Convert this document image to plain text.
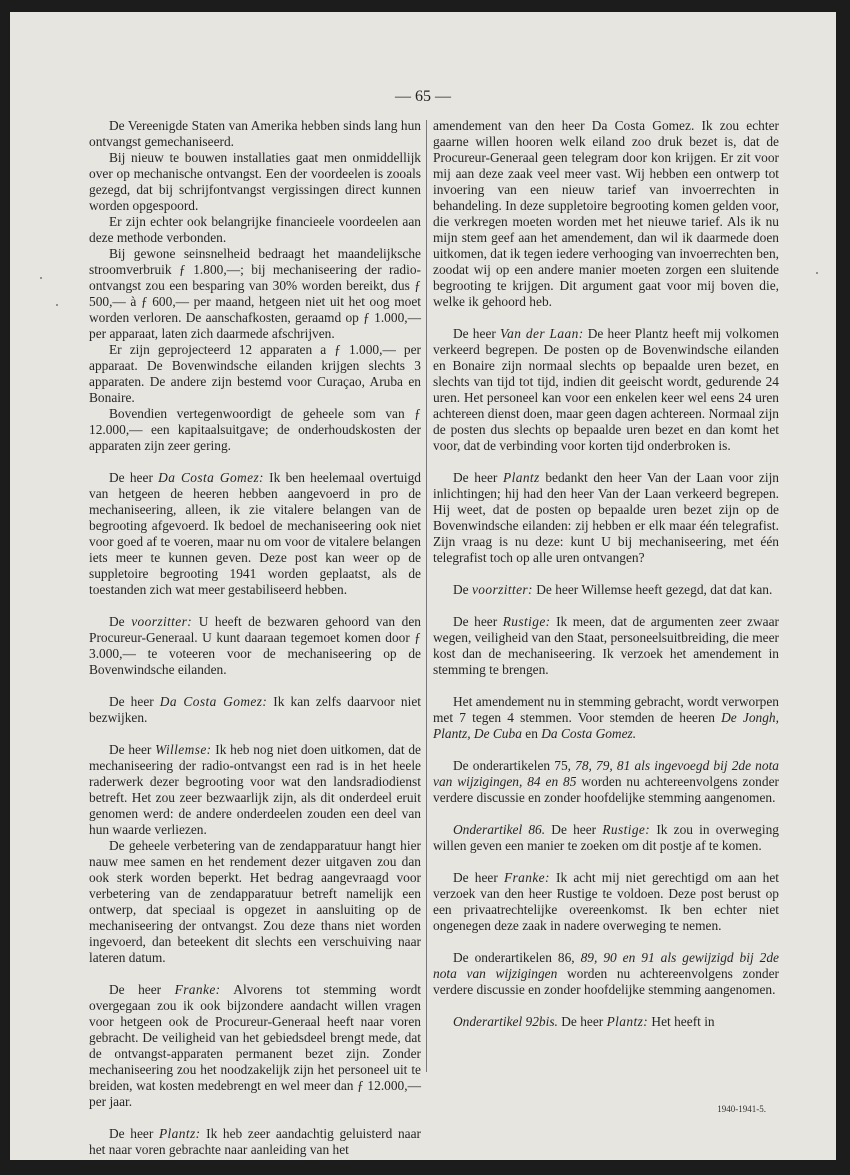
— 65 —

De Vereenigde Staten van Amerika hebben sinds lang hun ontvangst gemechaniseerd.

Bij nieuw te bouwen installaties gaat men onmiddellijk over op mechanische ontvangst. Een der voordeelen is zooals gezegd, dat bij schrijfontvangst vergissingen direct kunnen worden opgespoord.

Er zijn echter ook belangrijke financieele voordeelen aan deze methode verbonden.

Bij gewone seinsnelheid bedraagt het maandelijksche stroomverbruik ƒ 1.800,—; bij mechaniseering der radio-ontvangst zou een besparing van 30% worden bereikt, dus ƒ 500,— à ƒ 600,— per maand, hetgeen niet uit het oog moet worden verloren. De aanschafkosten, geraamd op ƒ 1.000,— per apparaat, laten zich daarmede afschrijven.

Er zijn geprojecteerd 12 apparaten a ƒ 1.000,— per apparaat. De Bovenwindsche eilanden krijgen slechts 3 apparaten. De andere zijn bestemd voor Curaçao, Aruba en Bonaire.

Bovendien vertegenwoordigt de geheele som van ƒ 12.000,— een kapitaalsuitgave; de onderhoudskosten der apparaten zijn zeer gering.

De heer Da Costa Gomez: Ik ben heelemaal overtuigd van hetgeen de heeren hebben aangevoerd in pro de mechaniseering, alleen, ik zie vitalere belangen van de begrooting afgevoerd. Ik bedoel de mechaniseering ook niet voor goed af te voeren, maar nu om voor de vitalere belangen iets meer te kunnen geven. Deze post kan weer op de suppletoire begrooting 1941 worden geplaatst, als de toestanden zich wat meer gestabiliseerd hebben.

De voorzitter: U heeft de bezwaren gehoord van den Procureur-Generaal. U kunt daaraan tegemoet komen door ƒ 3.000,— te voteeren voor de mechaniseering op de Bovenwindsche eilanden.

De heer Da Costa Gomez: Ik kan zelfs daarvoor niet bezwijken.

De heer Willemse: Ik heb nog niet doen uitkomen, dat de mechaniseering der radio-ontvangst een rad is in het heele raderwerk dezer begrooting voor wat den landsradiodienst betreft. Het zou zeer bezwaarlijk zijn, als dit onderdeel eruit genomen werd: de andere onderdeelen zouden een deel van hun waarde verliezen.

De geheele verbetering van de zendapparatuur hangt hier nauw mee samen en het rendement dezer uitgaven zou dan ook sterk worden beperkt. Het bedrag aangevraagd voor verbetering van de zendapparatuur betreft namelijk een ontwerp, dat speciaal is opgezet in aansluiting op de mechaniseering der ontvangst. Zou deze thans niet worden ingevoerd, dan beteekent dit slechts een verschuiving naar lateren datum.

De heer Franke: Alvorens tot stemming wordt overgegaan zou ik ook bijzondere aandacht willen vragen voor hetgeen ook de Procureur-Generaal heeft naar voren gebracht. De veiligheid van het gebiedsdeel brengt mede, dat de ontvangst-apparaten permanent bezet zijn. Zonder mechaniseering zou het noodzakelijk zijn het personeel uit te breiden, wat kosten medebrengt en wel meer dan ƒ 12.000,— per jaar.

De heer Plantz: Ik heb zeer aandachtig geluisterd naar het naar voren gebrachte naar aanleiding van het

amendement van den heer Da Costa Gomez. Ik zou echter gaarne willen hooren welk eiland zoo druk bezet is, dat de Procureur-Generaal geen telegram door kon krijgen. Er zit voor mij aan deze zaak veel meer vast. Wij hebben een ontwerp tot invoering van een nieuw tarief van invoerrechten in behandeling. In deze suppletoire begrooting komen gelden voor, die verkregen moeten worden met het nieuwe tarief. Als ik nu mijn stem geef aan het amendement, dan wil ik daarmede doen uitkomen, dat ik tegen iedere verhooging van invoerrechten ben, zoodat wij op een andere manier moeten zorgen een sluitende begrooting te krijgen. Dit argument gaat voor mij boven die, welke ik gehoord heb.

De heer Van der Laan: De heer Plantz heeft mij volkomen verkeerd begrepen. De posten op de Bovenwindsche eilanden en Bonaire zijn normaal slechts op bepaalde uren bezet, en slechts van tijd tot tijd, indien dit geeischt wordt, gedurende 24 uren. Het personeel kan voor een enkelen keer wel eens 24 uren achtereen dienst doen, maar geen dagen achtereen. Normaal zijn de posten dus slechts op bepaalde uren bezet en dan komt het voor, dat de verbinding voor korten tijd onderbroken is.

De heer Plantz bedankt den heer Van der Laan voor zijn inlichtingen; hij had den heer Van der Laan verkeerd begrepen. Hij weet, dat de posten op bepaalde uren bezet zijn op de Bovenwindsche eilanden: zij hebben er elk maar één telegrafist. Zijn vraag is nu deze: kunt U bij mechaniseering, met één telegrafist toch op alle uren ontvangen?

De voorzitter: De heer Willemse heeft gezegd, dat dat kan.

De heer Rustige: Ik meen, dat de argumenten zeer zwaar wegen, veiligheid van den Staat, personeelsuitbreiding, die meer kost dan de mechaniseering. Ik verzoek het amendement in stemming te brengen.

Het amendement nu in stemming gebracht, wordt verworpen met 7 tegen 4 stemmen. Voor stemden de heeren De Jongh, Plantz, De Cuba en Da Costa Gomez.

De onderartikelen 75, 78, 79, 81 als ingevoegd bij 2de nota van wijzigingen, 84 en 85 worden nu achtereenvolgens zonder verdere discussie en zonder hoofdelijke stemming aangenomen.

Onderartikel 86. De heer Rustige: Ik zou in overweging willen geven een manier te zoeken om dit postje af te komen.

De heer Franke: Ik acht mij niet gerechtigd om aan het verzoek van den heer Rustige te voldoen. Deze post berust op een privaatrechtelijke overeenkomst. Ik ben echter niet ongenegen deze zaak in nadere overweging te nemen.

De onderartikelen 86, 89, 90 en 91 als gewijzigd bij 2de nota van wijzigingen worden nu achtereenvolgens zonder verdere discussie en zonder hoofdelijke stemming aangenomen.

Onderartikel 92bis. De heer Plantz: Het heeft in

1940-1941-5.
